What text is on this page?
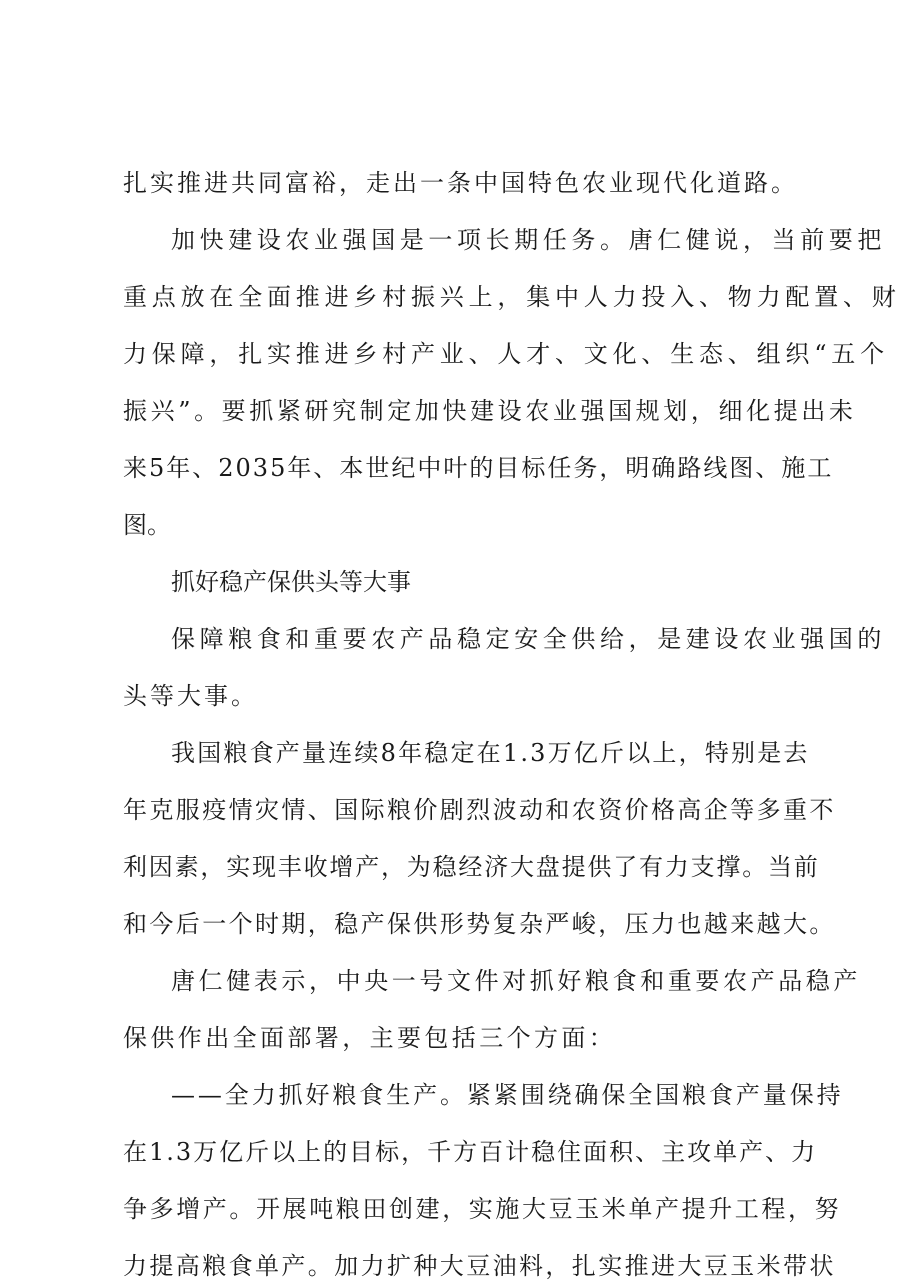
扎实推进共同富裕，走出一条中国特色农业现代化道路。
加快建设农业强国是一项长期任务。唐仁健说，当前要把
重点放在全面推进乡村振兴上，集中人力投入、物力配置、财
力保障，扎实推进乡村产业、人才、文化、生态、组织“五个
振兴”。要抓紧研究制定加快建设农业强国规划，细化提出未
来5年、2035年、本世纪中叶的目标任务，明确路线图、施工
图。
抓好稳产保供头等大事
保障粮食和重要农产品稳定安全供给，是建设农业强国的
头等大事。
我国粮食产量连续8年稳定在1.3万亿斤以上，特别是去
年克服疫情灾情、国际粮价剧烈波动和农资价格高企等多重不
利因素，实现丰收增产，为稳经济大盘提供了有力支撑。当前
和今后一个时期，稳产保供形势复杂严峻，压力也越来越大。
唐仁健表示，中央一号文件对抓好粮食和重要农产品稳产
保供作出全面部署，主要包括三个方面：
——全力抓好粮食生产。紧紧围绕确保全国粮食产量保持
在1.3万亿斤以上的目标，千方百计稳住面积、主攻单产、力
争多增产。开展吨粮田创建，实施大豆玉米单产提升工程，努
力提高粮食单产。加力扩种大豆油料，扎实推进大豆玉米带状
